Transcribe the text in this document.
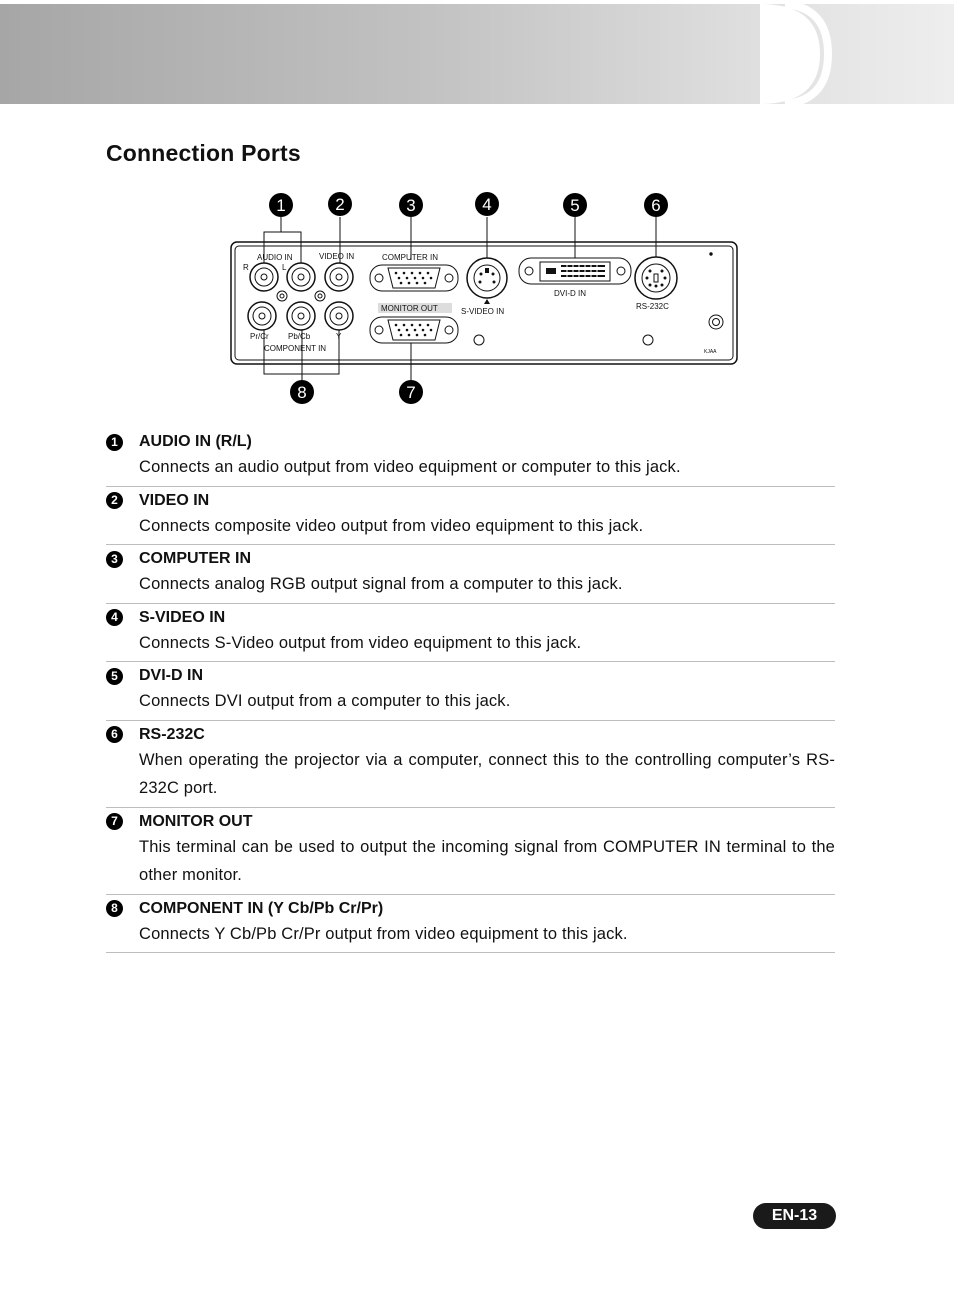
Connection Ports
1	2	3	4	5	6
7
8
AUDIO IN
R	L
VIDEO IN	COMPUTER IN
MONITOR OUT	S-VIDEO IN
DVI-D IN
RS-232C
Pr/Cr Pb/Cb	Y
COMPONENT IN	KJAA
1	AUDIO IN (R/L)
Connects an audio output from video equipment or computer to this jack.
2	VIDEO IN
Connects composite video output from video equipment to this jack.
3	COMPUTER IN
Connects analog RGB output signal from a computer to this jack.
4	S-VIDEO IN
Connects S-Video output from video equipment to this jack.
5	DVI-D IN
Connects DVI output from a computer to this jack.
6	RS-232C
When operating the projector via a computer, connect this to the controlling computer’s RS-232C port.
7	MONITOR OUT
This terminal can be used to output the incoming signal from COMPUTER IN terminal to the other monitor.
8	COMPONENT IN (Y Cb/Pb Cr/Pr)
Connects Y Cb/Pb Cr/Pr output from video equipment to this jack.
EN-13
